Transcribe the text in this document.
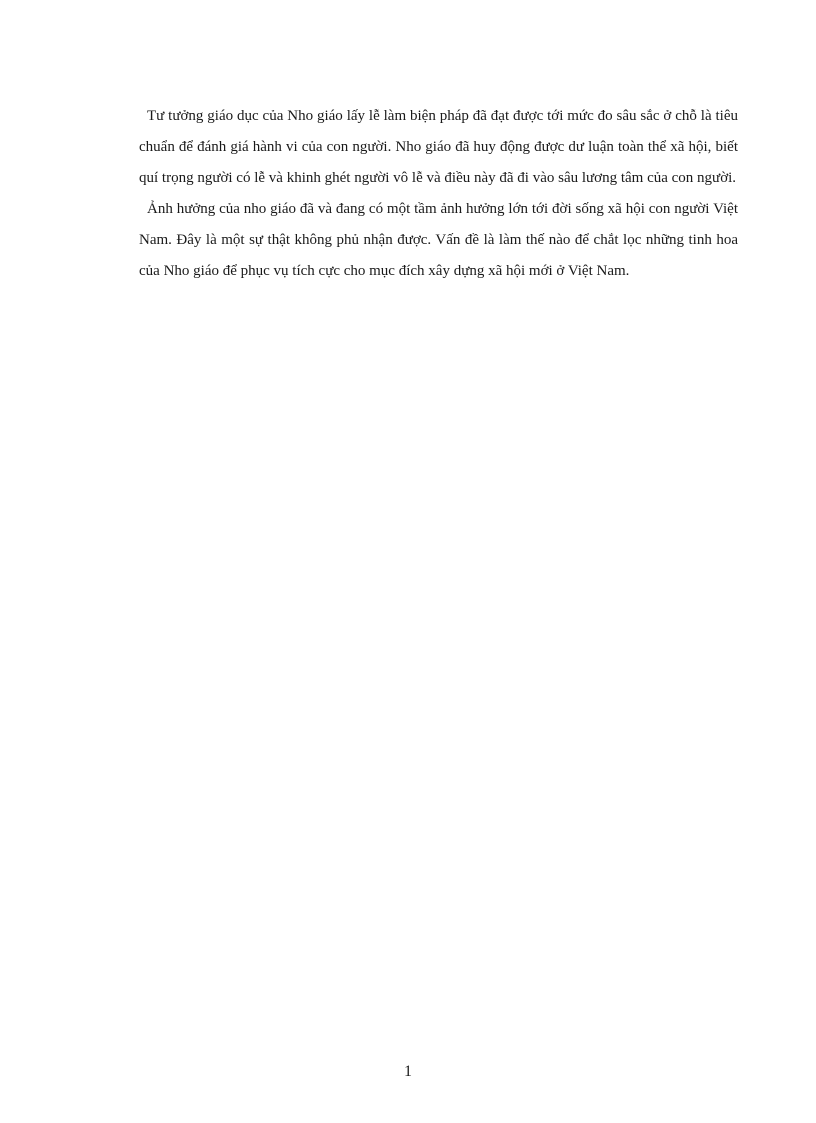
Tư tưởng giáo dục của Nho giáo lấy lễ làm biện pháp đã đạt được tới mức đo sâu sắc ở chỗ là tiêu chuẩn để đánh giá hành vi của con người. Nho giáo đã huy động được dư luận toàn thể xã hội, biết quí trọng người có lễ và khinh ghét người vô lễ và điều này đã đi vào sâu lương tâm của con người.

Ảnh hưởng của nho giáo đã và đang có một tầm ảnh hưởng lớn tới đời sống xã hội con người Việt Nam. Đây là một sự thật không phủ nhận được. Vấn đề là làm thế nào để chắt lọc những tinh hoa của Nho giáo để phục vụ tích cực cho mục đích xây dựng xã hội mới ở Việt Nam.

1
